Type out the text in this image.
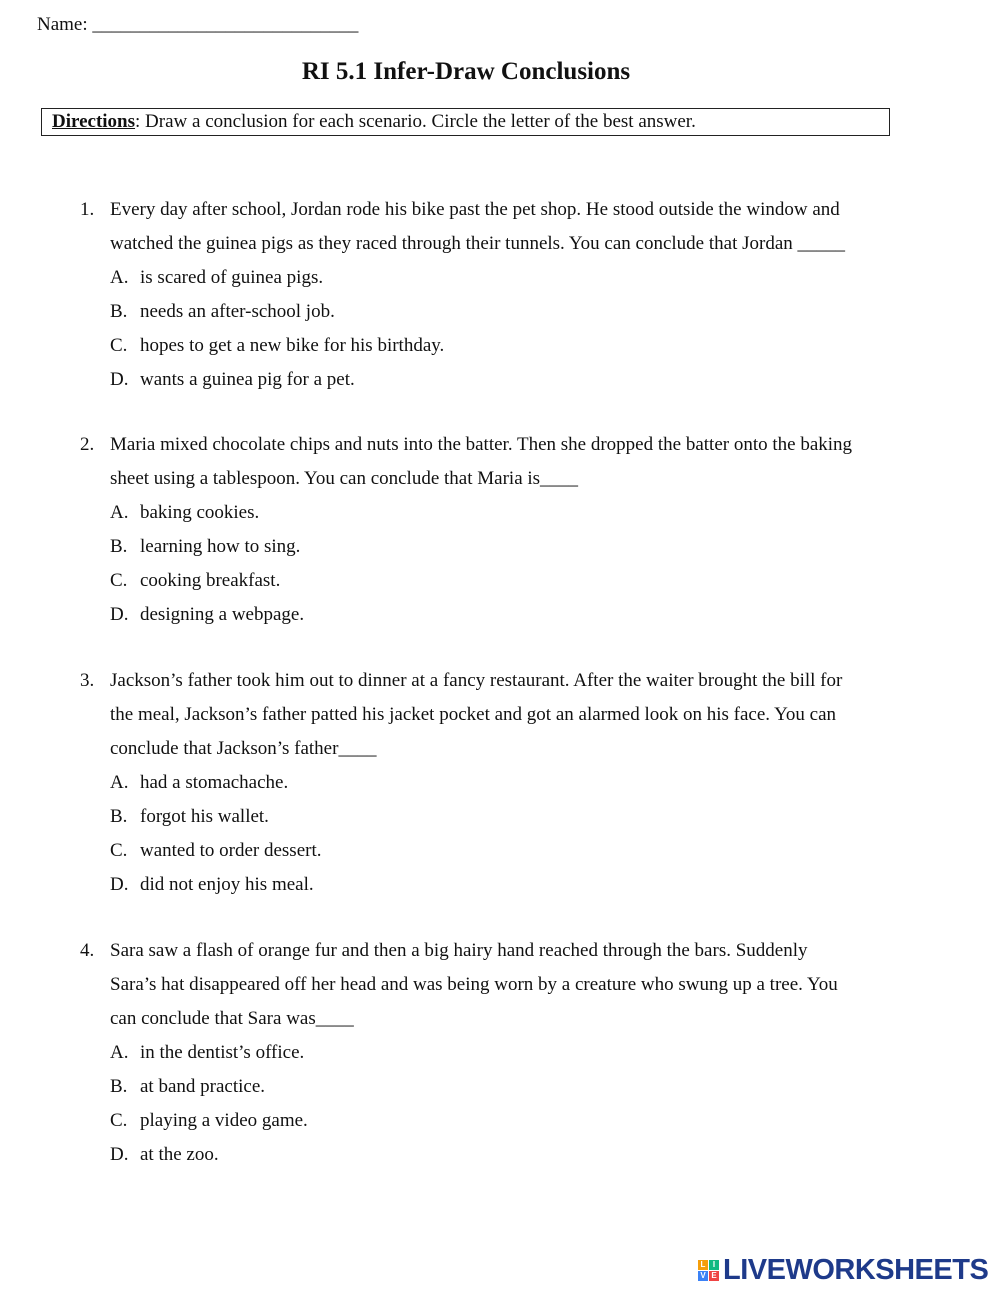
Name: ____________________________
RI 5.1 Infer-Draw Conclusions
Directions: Draw a conclusion for each scenario. Circle the letter of the best answer.
1. Every day after school, Jordan rode his bike past the pet shop. He stood outside the window and
watched the guinea pigs as they raced through their tunnels. You can conclude that Jordan _____
A. is scared of guinea pigs.
B. needs an after-school job.
C. hopes to get a new bike for his birthday.
D. wants a guinea pig for a pet.
2. Maria mixed chocolate chips and nuts into the batter. Then she dropped the batter onto the baking
sheet using a tablespoon. You can conclude that Maria is____
A. baking cookies.
B. learning how to sing.
C. cooking breakfast.
D. designing a webpage.
3. Jackson’s father took him out to dinner at a fancy restaurant. After the waiter brought the bill for
the meal, Jackson’s father patted his jacket pocket and got an alarmed look on his face. You can
conclude that Jackson’s father____
A. had a stomachache.
B. forgot his wallet.
C. wanted to order dessert.
D. did not enjoy his meal.
4. Sara saw a flash of orange fur and then a big hairy hand reached through the bars. Suddenly
Sara’s hat disappeared off her head and was being worn by a creature who swung up a tree. You
can conclude that Sara was____
A. in the dentist’s office.
B. at band practice.
C. playing a video game.
D. at the zoo.
L I
V E LIVEWORKSHEETS
